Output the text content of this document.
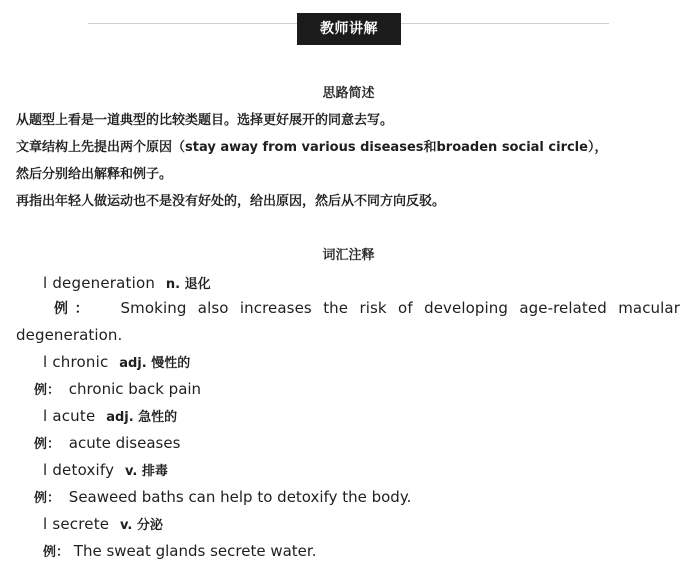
教师讲解
思路简述
从题型上看是一道典型的比较类题目。选择更好展开的同意去写。
文章结构上先提出两个原因（stay away from various diseases和broaden social circle），
然后分别给出解释和例子。
再指出年轻人做运动也不是没有好处的，给出原因，然后从不同方向反驳。
词汇注释
l degeneration n. 退化
例： Smoking also increases the risk of developing age-related macular
degeneration.
l chronic adj. 慢性的
例： chronic back pain
l acute adj. 急性的
例： acute diseases
l detoxify v. 排毒
例： Seaweed baths can help to detoxify the body.
l secrete v. 分泌
例： The sweat glands secrete water.
